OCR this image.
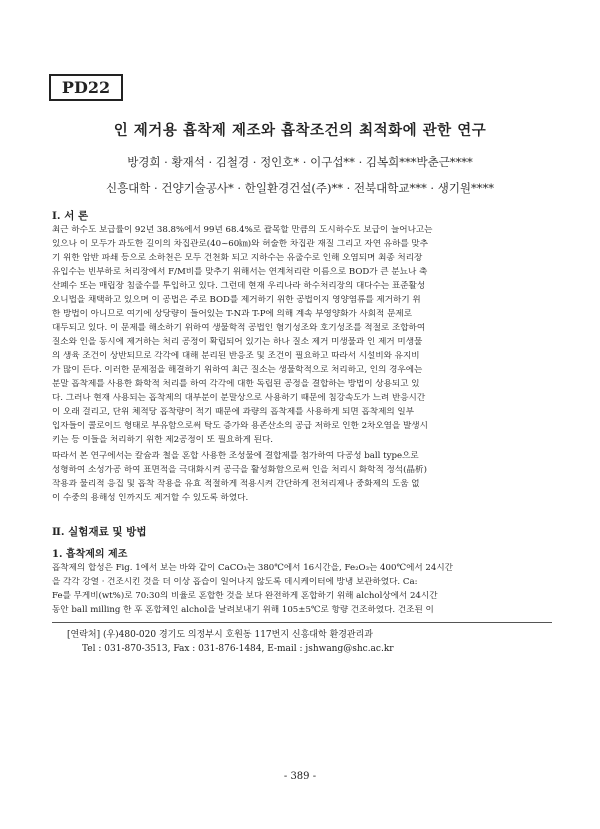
PD22
인 제거용 흡착제 제조와 흡착조건의 최적화에 관한 연구
방경희 · 황재석 · 김철경 · 정인호* · 이구섭** · 김복희***박춘근****
신흥대학 · 건양기술공사* · 한일환경건설(주)** · 전북대학교*** · 생기원****
Ⅰ. 서 론
최근 하수도 보급률이 92년 38.8%에서 99년 68.4%로 괄목할 만큼의 도시하수도 보급이 늘어나고는
있으나 이 모두가 과도한 길이의 차집관로(40~60㎞)와 허술한 차집관 재질 그리고 자연 유하를 맞추
기 위한 암반 파쇄 등으로 소하천은 모두 건천화 되고 지하수는 유출수로 인해 오염되며 최종 처리장
유입수는 빈부하로 처리장에서 F/M비를 맞추기 위해서는 연계처리란 이름으로 BOD가 큰 분뇨나 축
산폐수 또는 매립장 침출수를 투입하고 있다. 그런데 현재 우리나라 하수처리장의 대다수는 표준활성
오니법을 채택하고 있으며 이 공법은 주로 BOD를 제거하기 위한 공법이지 영양염류를 제거하기 위
한 방법이 아니므로 여기에 상당량이 들어있는 T-N과 T-P에 의해 계속 부영양화가 사회적 문제로
대두되고 있다. 이 문제를 해소하기 위하여 생물학적 공법인 혐기성조와 호기성조를 적절로 조합하여
질소와 인을 동시에 제거하는 처리 공정이 확립되어 있기는 하나 질소 제거 미생물과 인 제거 미생물
의 생육 조건이 상반되므로 각각에 대해 분리된 반응조 및 조건이 필요하고 따라서 시설비와 유지비
가 많이 든다. 이러한 문제점을 해결하기 위하여 최근 질소는 생물학적으로 처리하고, 인의 경우에는
분말 흡착제를 사용한 화학적 처리를 하여 각각에 대한 독립된 공정을 결합하는 방법이 상용되고 있
다. 그러나 현재 사용되는 흡착제의 대부분이 분말상으로 사용하기 때문에 침강속도가 느려 반응시간
이 오래 걸리고, 단위 체적당 흡착량이 적기 때문에 과량의 흡착제를 사용하게 되면 흡착제의 일부
입자들이 콜로이드 형태로 부유함으로써 탁도 증가와 용존산소의 공급 저하로 인한 2차오염을 발생시
키는 등 이들을 처리하기 위한 제2공정이 또 필요하게 된다.
따라서 본 연구에서는 칼슘과 철을 혼합 사용한 조성물에 결합제를 첨가하여 다공성 ball type으로
성형하여 소성가공 하여 표면적을 극대화시켜 공극을 활성화함으로써 인을 처리시 화학적 정석(晶析)
작용과 물리적 응집 및 흡착 작용을 유효 적절하게 적용시켜 간단하게 전처리제나 중화제의 도움 없
이 수중의 용해성 인까지도 제거할 수 있도록 하였다.
Ⅱ. 실험재료 및 방법
1. 흡착제의 제조
흡착제의 합성은 Fig. 1에서 보는 바와 같이 CaCO₃는 380℃에서 16시간을, Fe₂O₃는 400℃에서 24시간
을 각각 강열 · 건조시킨 것을 더 이상 흡습이 일어나지 않도록 데시케이터에 방냉 보관하였다. Ca:
Fe를 무게비(wt%)로 70:30의 비율로 혼합한 것을 보다 완전하게 혼합하기 위해 alchol상에서 24시간
동안 ball milling 한 후 혼합체인 alchol을 날려보내기 위해 105±5℃로 항량 건조하였다. 건조된 이
[연락처] (우)480-020 경기도 의정부시 호원동 117번지 신흥대학 환경관리과
Tel : 031-870-3513, Fax : 031-876-1484, E-mail : jshwang@shc.ac.kr
- 389 -
